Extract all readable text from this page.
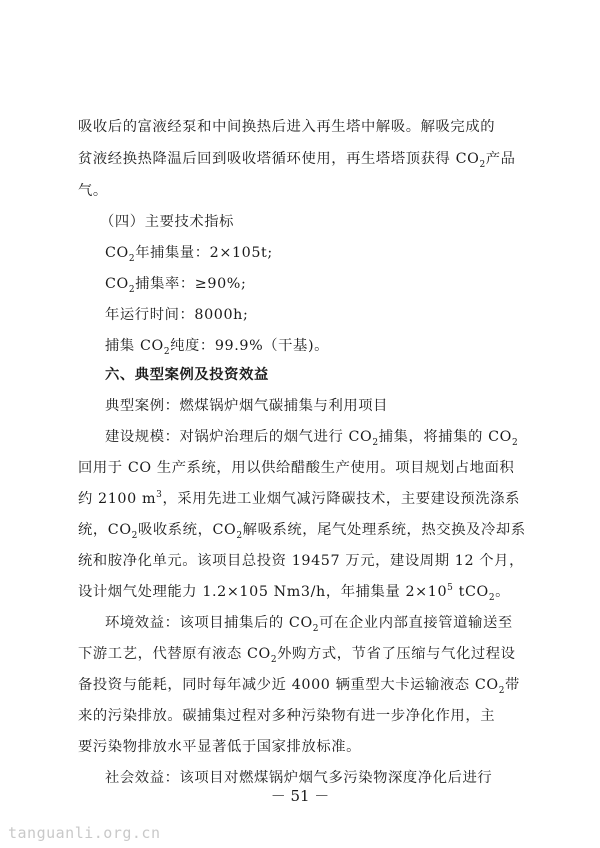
吸收后的富液经泵和中间换热后进入再生塔中解吸。解吸完成的
贫液经换热降温后回到吸收塔循环使用，再生塔塔顶获得 $CO_2$产品
气。
（四）主要技术指标
$CO_2$年捕集量：2×105t;
$CO_2$捕集率：≥90%;
年运行时间：8000h;
捕集 $CO_2$纯度：99.9%（干基)。
六、典型案例及投资效益
典型案例：燃煤锅炉烟气碳捕集与利用项目
建设规模：对锅炉治理后的烟气进行 $CO_2$捕集，将捕集的 $CO_2$
回用于 CO 生产系统，用以供给醋酸生产使用。项目规划占地面积
约 2100 $m^3$，采用先进工业烟气减污降碳技术，主要建设预洗涤系
统，$CO_2$吸收系统，$CO_2$解吸系统，尾气处理系统，热交换及冷却系
统和胺净化单元。该项目总投资 19457 万元，建设周期 12 个月，
设计烟气处理能力 1.2×105 Nm3/h，年捕集量 $2\times 10^5$ tCO$_2$。
环境效益：该项目捕集后的 $CO_2$可在企业内部直接管道输送至
下游工艺，代替原有液态 $CO_2$外购方式，节省了压缩与气化过程设
备投资与能耗，同时每年减少近 4000 辆重型大卡运输液态 $CO_2$带
来的污染排放。碳捕集过程对多种污染物有进一步净化作用，主
要污染物排放水平显著低于国家排放标准。
社会效益：该项目对燃煤锅炉烟气多污染物深度净化后进行
－ 51 －
tanguanli.org.cn
